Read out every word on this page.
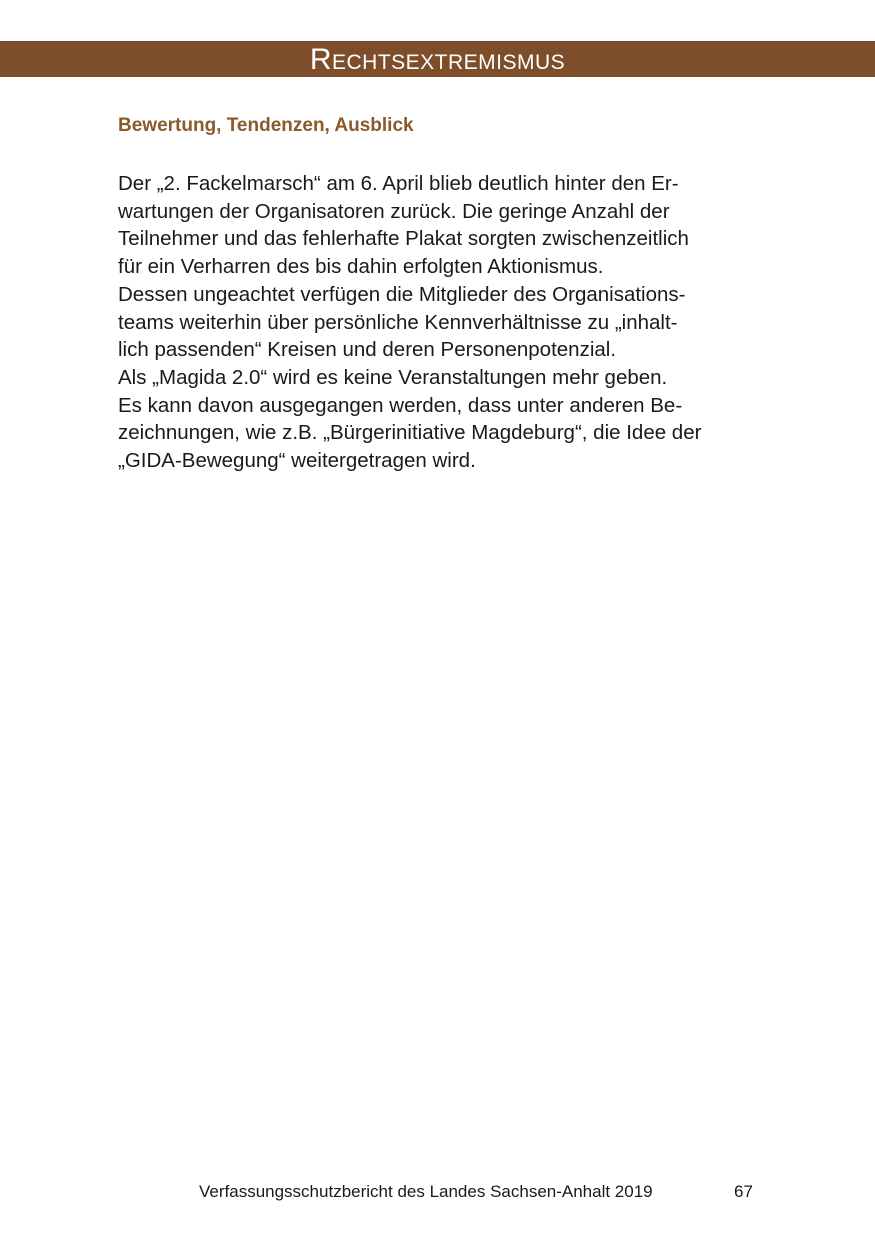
Rechtsextremismus
Bewertung, Tendenzen, Ausblick
Der „2. Fackelmarsch“ am 6. April blieb deutlich hinter den Er-
wartungen der Organisatoren zurück. Die geringe Anzahl der
Teilnehmer und das fehlerhafte Plakat sorgten zwischenzeitlich
für ein Verharren des bis dahin erfolgten Aktionismus.
Dessen ungeachtet verfügen die Mitglieder des Organisations-
teams weiterhin über persönliche Kennverhältnisse zu „inhalt-
lich passenden“ Kreisen und deren Personenpotenzial.
Als „Magida 2.0“ wird es keine Veranstaltungen mehr geben.
Es kann davon ausgegangen werden, dass unter anderen Be-
zeichnungen, wie z.B. „Bürgerinitiative Magdeburg“, die Idee der
„GIDA-Bewegung“ weitergetragen wird.
Verfassungsschutzbericht des Landes Sachsen-Anhalt 2019	67
